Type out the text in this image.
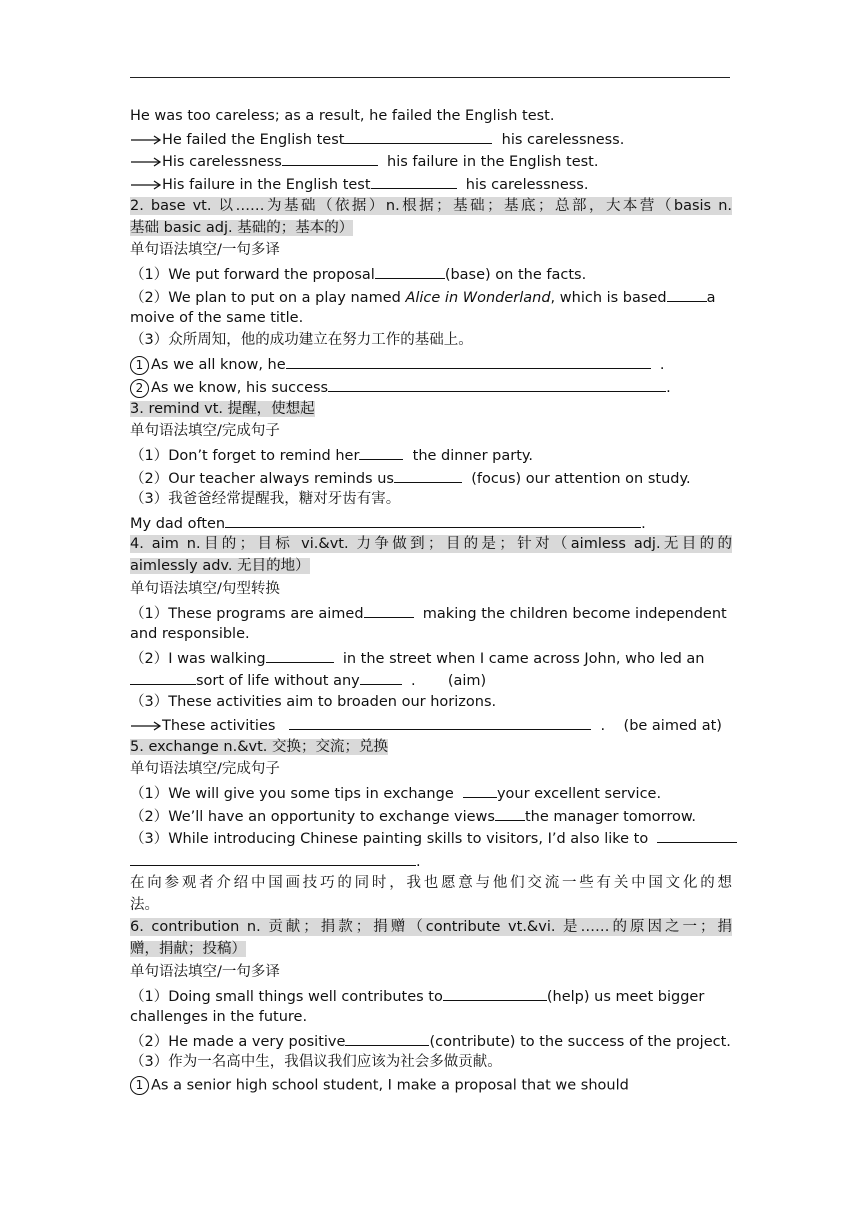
He was too careless; as a result, he failed the English test.
He failed the English test	his carelessness.
His carelessness	his failure in the English test.
His failure in the English test	his carelessness.
2. base vt. 以……为基础（依据）n.根据；基础；基底；总部，大本营（basis n.
基础 basic adj. 基础的；基本的）
单句语法填空/一句多译
（1）We put forward the proposal	(base) on the facts.
（2）We plan to put on a play named Alice in Wonderland, which is based	a
moive of the same title.
（3）众所周知，他的成功建立在努力工作的基础上。
1 As we all know, he	.
2 As we know, his success	.
3. remind vt. 提醒，使想起
单句语法填空/完成句子
（1）Don’t forget to remind her	the dinner party.
（2）Our teacher always reminds us	(focus) our attention on study.
（3）我爸爸经常提醒我，糖对牙齿有害。
My dad often	.
4. aim n.目的；目标 vi.&vt. 力争做到；目的是；针对（aimless adj.无目的的
aimlessly adv. 无目的地）
单句语法填空/句型转换
（1）These programs are aimed	making the children become independent
and responsible.
（2）I was walking	in the street when I came across John, who led an
sort of life without any	. (aim)
（3）These activities aim to broaden our horizons.
These activities	. (be aimed at)
5. exchange n.&vt. 交换；交流；兑换
单句语法填空/完成句子
（1）We will give you some tips in exchange	your excellent service.
（2）We’ll have an opportunity to exchange views the manager tomorrow.
（3）While introducing Chinese painting skills to visitors, I’d also like to
.
在向参观者介绍中国画技巧的同时，我也愿意与他们交流一些有关中国文化的想
法。
6. contribution n. 贡献；捐款；捐赠（contribute vt.&vi. 是……的原因之一；捐
赠，捐献；投稿）
单句语法填空/一句多译
（1）Doing small things well contributes to	(help) us meet bigger
challenges in the future.
（2）He made a very positive	(contribute) to the success of the project.
（3）作为一名高中生，我倡议我们应该为社会多做贡献。
1 As a senior high school student, I make a proposal that we should
